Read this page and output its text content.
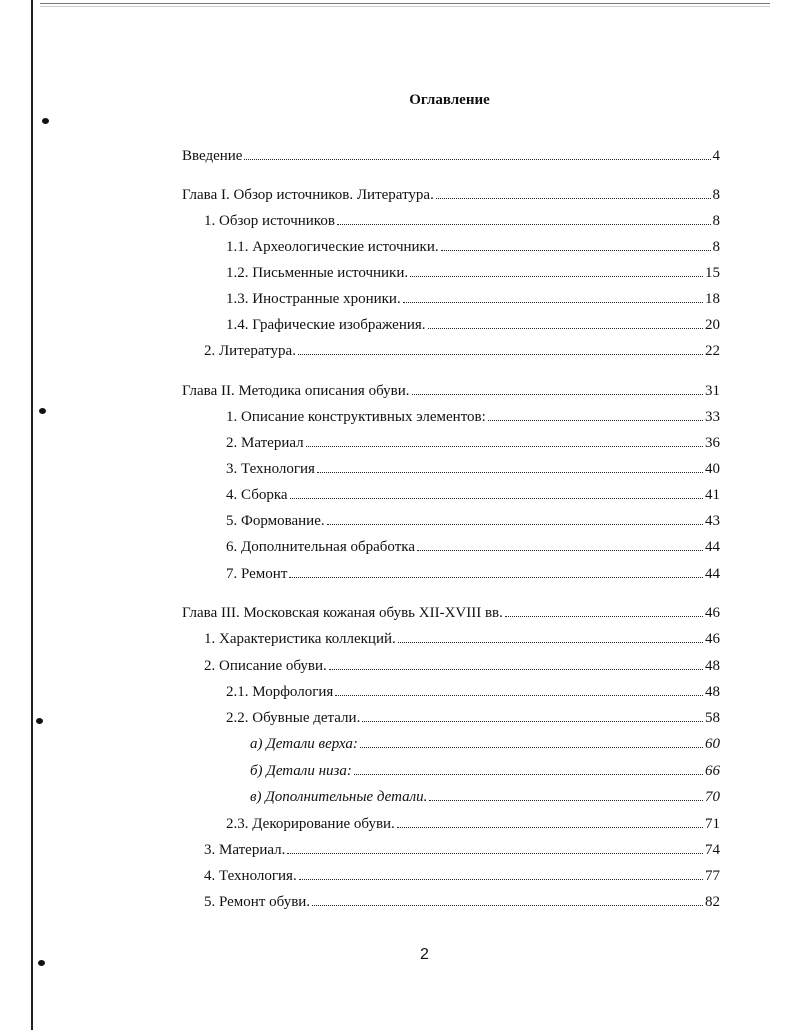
Оглавление
Введение	4
Глава I. Обзор источников. Литература.	8
1. Обзор источников	8
1.1. Археологические источники.	8
1.2. Письменные источники.	15
1.3. Иностранные хроники.	18
1.4. Графические изображения.	20
2. Литература.	22
Глава II. Методика описания обуви.	31
1. Описание конструктивных элементов:	33
2. Материал	36
3. Технология	40
4. Сборка	41
5. Формование.	43
6. Дополнительная обработка	44
7. Ремонт	44
Глава III. Московская кожаная обувь XII-XVIII вв.	46
1. Характеристика коллекций.	46
2. Описание обуви.	48
2.1. Морфология	48
2.2. Обувные детали.	58
а) Детали верха:	60
б) Детали низа:	66
в) Дополнительные детали.	70
2.3. Декорирование обуви.	71
3. Материал.	74
4. Технология.	77
5. Ремонт обуви.	82
2
